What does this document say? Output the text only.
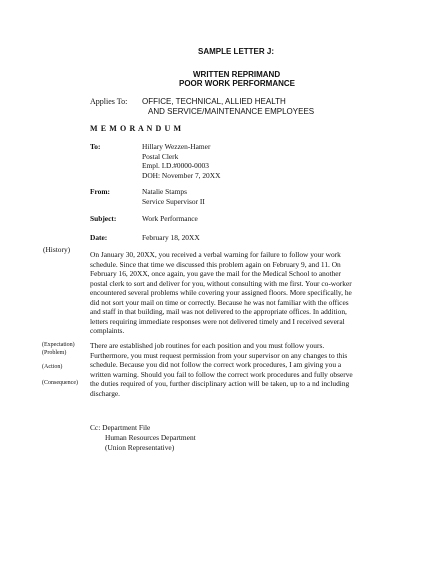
SAMPLE LETTER J:
WRITTEN REPRIMAND
POOR WORK PERFORMANCE
Applies To: OFFICE, TECHNICAL, ALLIED HEALTH
AND SERVICE/MAINTENANCE EMPLOYEES
M E M O R A N D U M
To:	Hillary Wezzen-Hamer
Postal Clerk
Empl. I.D.#0000-0003
DOH: November 7, 20XX
From:	Natalie Stamps
Service Supervisor II
Subject:	Work Performance
Date:	February 18, 20XX
(History)
(Expectation)
(Problem)
(Action)
(Consequence)
On January 30, 20XX, you received a verbal warning for failure to follow your work
schedule. Since that time we discussed this problem again on February 9, and 11. On
February 16, 20XX, once again, you gave the mail for the Medical School to another
postal clerk to sort and deliver for you, without consulting with me first. Your co-worker
encountered several problems while covering your assigned floors. More specifically, he
did not sort your mail on time or correctly. Because he was not familiar with the offices
and staff in that building, mail was not delivered to the appropriate offices. In addition,
letters requiring immediate responses were not delivered timely and I received several
complaints.
There are established job routines for each position and you must follow yours.
Furthermore, you must request permission from your supervisor on any changes to this
schedule. Because you did not follow the correct work procedures, I am giving you a
written warning. Should you fail to follow the correct work procedures and fully observe
the duties required of you, further disciplinary action will be taken, up to a nd including
discharge.
Cc: Department File
Human Resources Department
(Union Representative)
